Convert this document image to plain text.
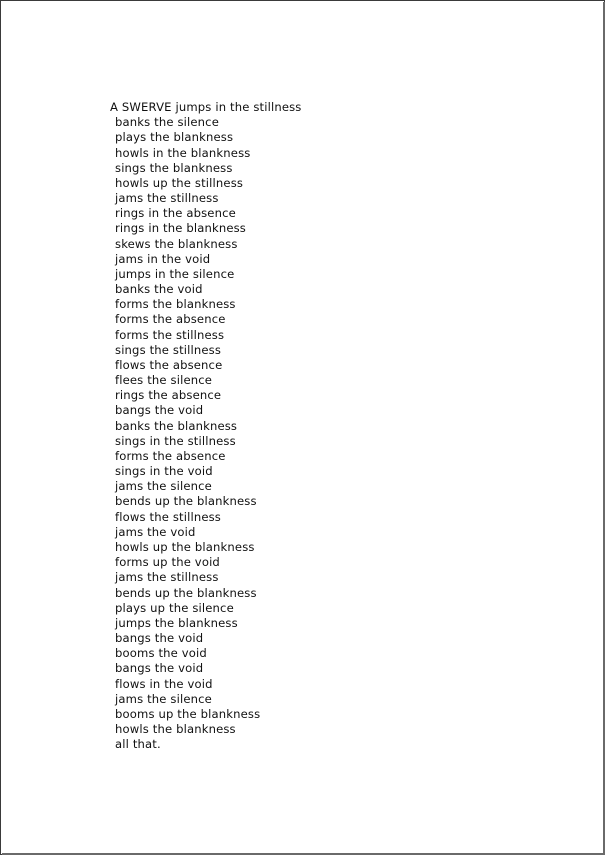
A SWERVE jumps in the stillness
banks the silence
plays the blankness
howls in the blankness
sings the blankness
howls up the stillness
jams the stillness
rings in the absence
rings in the blankness
skews the blankness
jams in the void
jumps in the silence
banks the void
forms the blankness
forms the absence
forms the stillness
sings the stillness
flows the absence
flees the silence
rings the absence
bangs the void
banks the blankness
sings in the stillness
forms the absence
sings in the void
jams the silence
bends up the blankness
flows the stillness
jams the void
howls up the blankness
forms up the void
jams the stillness
bends up the blankness
plays up the silence
jumps the blankness
bangs the void
booms the void
bangs the void
flows in the void
jams the silence
booms up the blankness
howls the blankness
all that.
